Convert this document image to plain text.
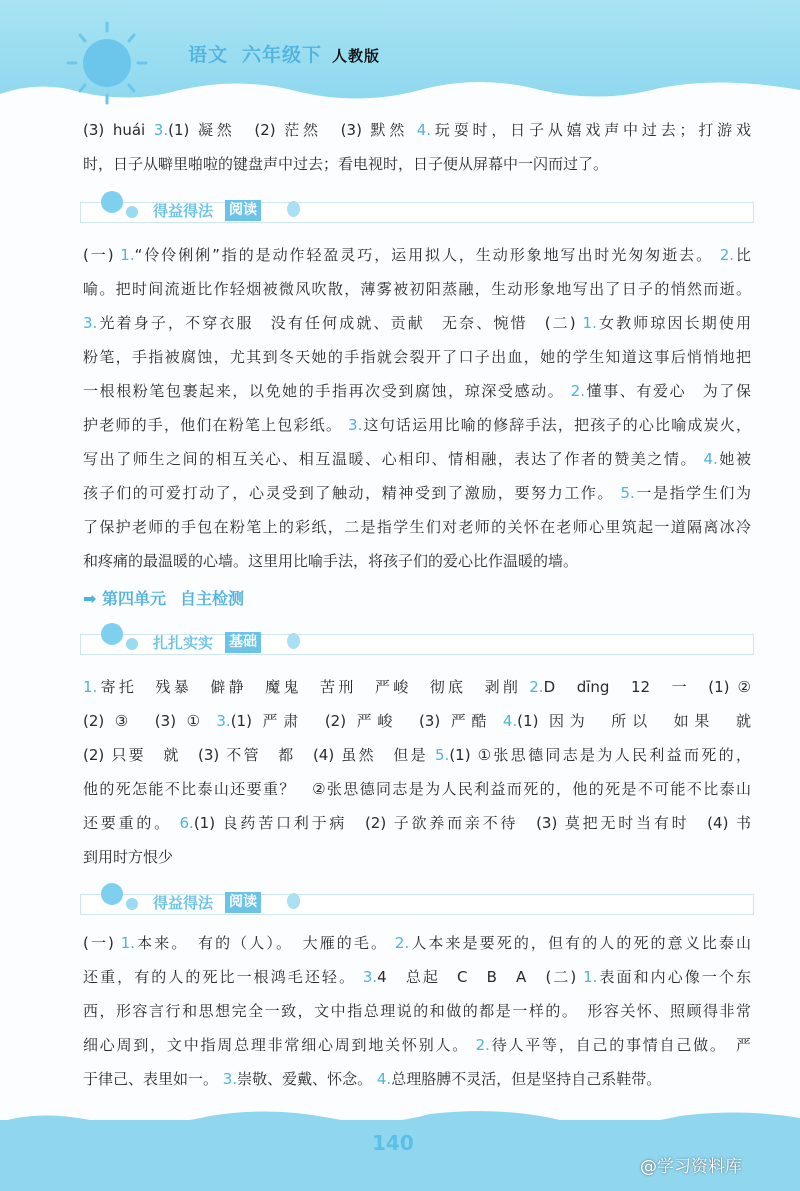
语文 六年级下 人教版
(3) huái 3.(1) 凝然　(2) 茫然　(3) 默然 4.玩耍时，日子从嬉戏声中过去；打游戏
时，日子从噼里啪啦的键盘声中过去；看电视时，日子便从屏幕中一闪而过了。
得益得法 阅读
(一) 1.“伶伶俐俐”指的是动作轻盈灵巧，运用拟人，生动形象地写出时光匆匆逝去。 2.比
喻。把时间流逝比作轻烟被微风吹散，薄雾被初阳蒸融，生动形象地写出了日子的悄然而逝。
3.光着身子，不穿衣服　没有任何成就、贡献　无奈、惋惜　(二) 1.女教师琼因长期使用
粉笔，手指被腐蚀，尤其到冬天她的手指就会裂开了口子出血，她的学生知道这事后悄悄地把
一根根粉笔包裹起来，以免她的手指再次受到腐蚀，琼深受感动。 2.懂事、有爱心　为了保
护老师的手，他们在粉笔上包彩纸。 3.这句话运用比喻的修辞手法，把孩子的心比喻成炭火，
写出了师生之间的相互关心、相互温暖、心相印、情相融，表达了作者的赞美之情。 4.她被
孩子们的可爱打动了，心灵受到了触动，精神受到了激励，要努力工作。 5.一是指学生们为
了保护老师的手包在粉笔上的彩纸，二是指学生们对老师的关怀在老师心里筑起一道隔离冰冷
和疼痛的最温暖的心墙。这里用比喻手法，将孩子们的爱心比作温暖的墙。
➡ 第四单元 自主检测
扎扎实实 基础
1.寄托　残暴　僻静　魔鬼　苦刑　严峻　彻底　剥削 2.D　dīng　12　一　(1) ②
(2) ③　(3) ① 3.(1) 严肃　(2) 严峻　(3) 严酷 4.(1) 因为　所以　如果　就
(2) 只要　就　(3) 不管　都　(4) 虽然　但是 5.(1) ①张思德同志是为人民利益而死的，
他的死怎能不比泰山还要重？　②张思德同志是为人民利益而死的，他的死是不可能不比泰山
还要重的。 6.(1) 良药苦口利于病　(2) 子欲养而亲不待　(3) 莫把无时当有时　(4) 书
到用时方恨少
得益得法 阅读
(一) 1.本来。　有的（人）。　大雁的毛。 2.人本来是要死的，但有的人的死的意义比泰山
还重，有的人的死比一根鸿毛还轻。 3.4　总起　C　B　A　(二) 1.表面和内心像一个东
西，形容言行和思想完全一致，文中指总理说的和做的都是一样的。　形容关怀、照顾得非常
细心周到，文中指周总理非常细心周到地关怀别人。 2.待人平等，自己的事情自己做。　严
于律己、表里如一。 3.崇敬、爱戴、怀念。 4.总理胳膊不灵活，但是坚持自己系鞋带。
140
@学习资料库
